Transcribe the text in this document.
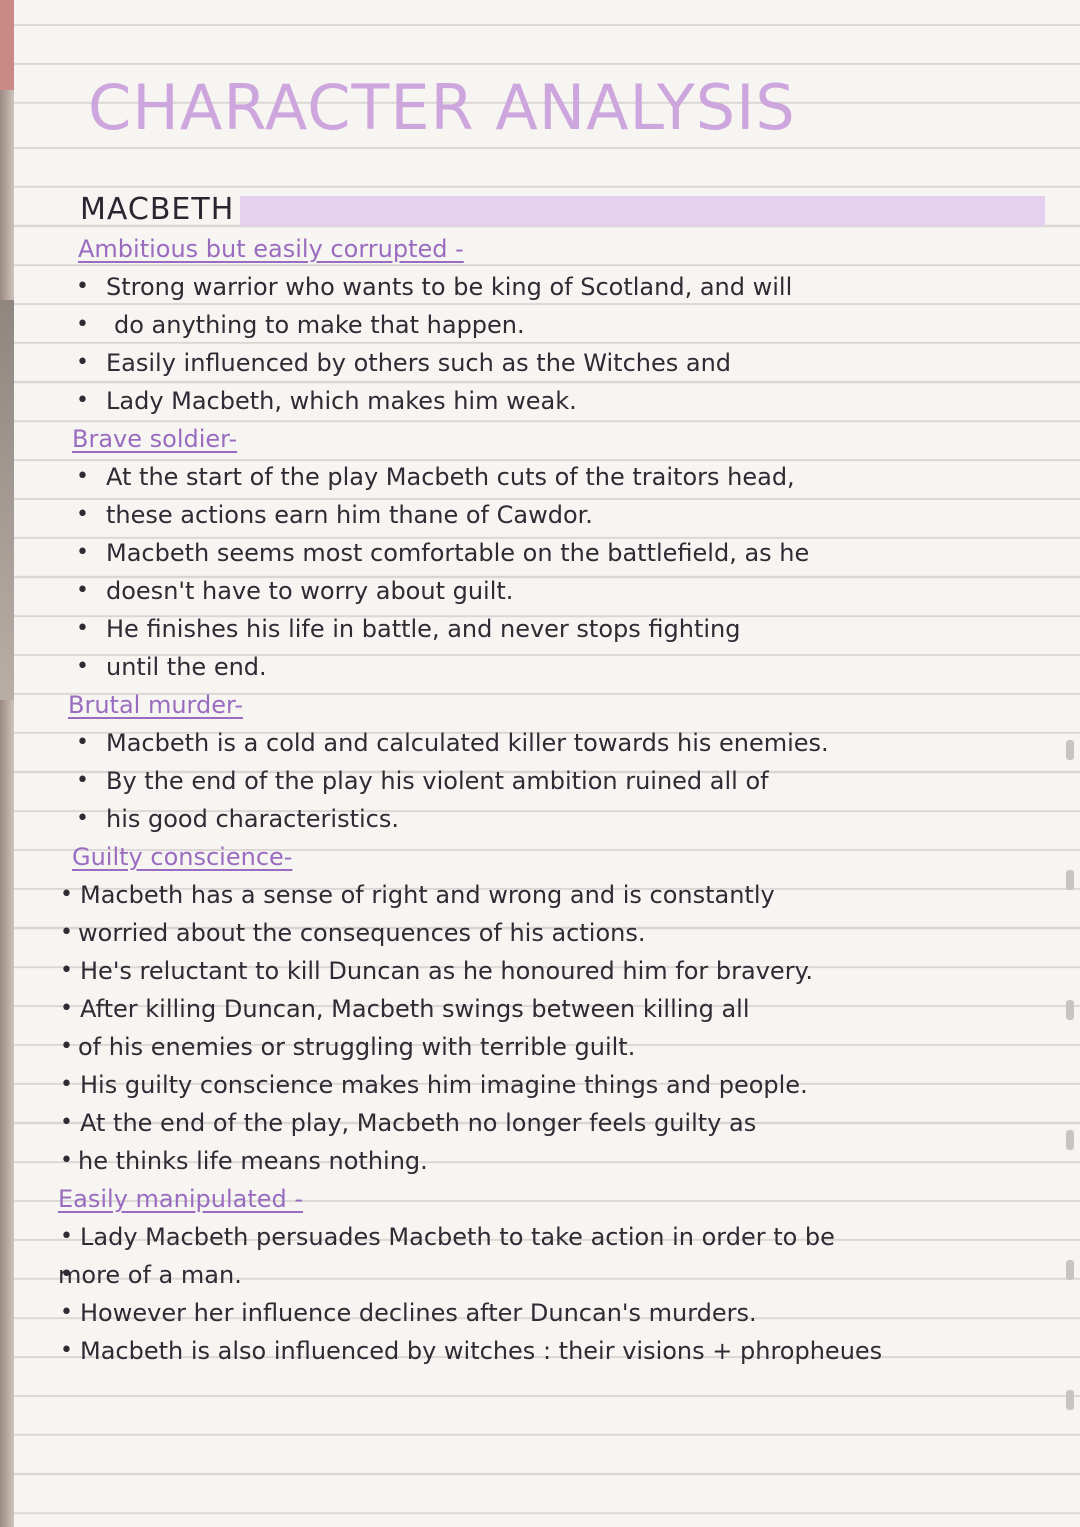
CHARACTER ANALYSIS
MACBETH
Ambitious but easily corrupted -
• Strong warrior who wants to be king of Scotland, and will
• do anything to make that happen.
• Easily influenced by others such as the Witches and
• Lady Macbeth, which makes him weak.
Brave soldier-
• At the start of the play Macbeth cuts of the traitors head,
• these actions earn him thane of Cawdor.
• Macbeth seems most comfortable on the battlefield, as he
• doesn't have to worry about guilt.
• He finishes his life in battle, and never stops fighting
• until the end.
Brutal murder-
• Macbeth is a cold and calculated killer towards his enemies.
• By the end of the play his violent ambition ruined all of
• his good characteristics.
Guilty conscience-
• Macbeth has a sense of right and wrong and is constantly
• worried about the consequences of his actions.
• He's reluctant to kill Duncan as he honoured him for bravery.
• After killing Duncan, Macbeth swings between killing all
• of his enemies or struggling with terrible guilt.
• His guilty conscience makes him imagine things and people.
• At the end of the play, Macbeth no longer feels guilty as
• he thinks life means nothing.
Easily manipulated -
• Lady Macbeth persuades Macbeth to take action in order to be
• more of a man.
• However her influence declines after Duncan's murders.
• Macbeth is also influenced by witches : their visions + phropheues
